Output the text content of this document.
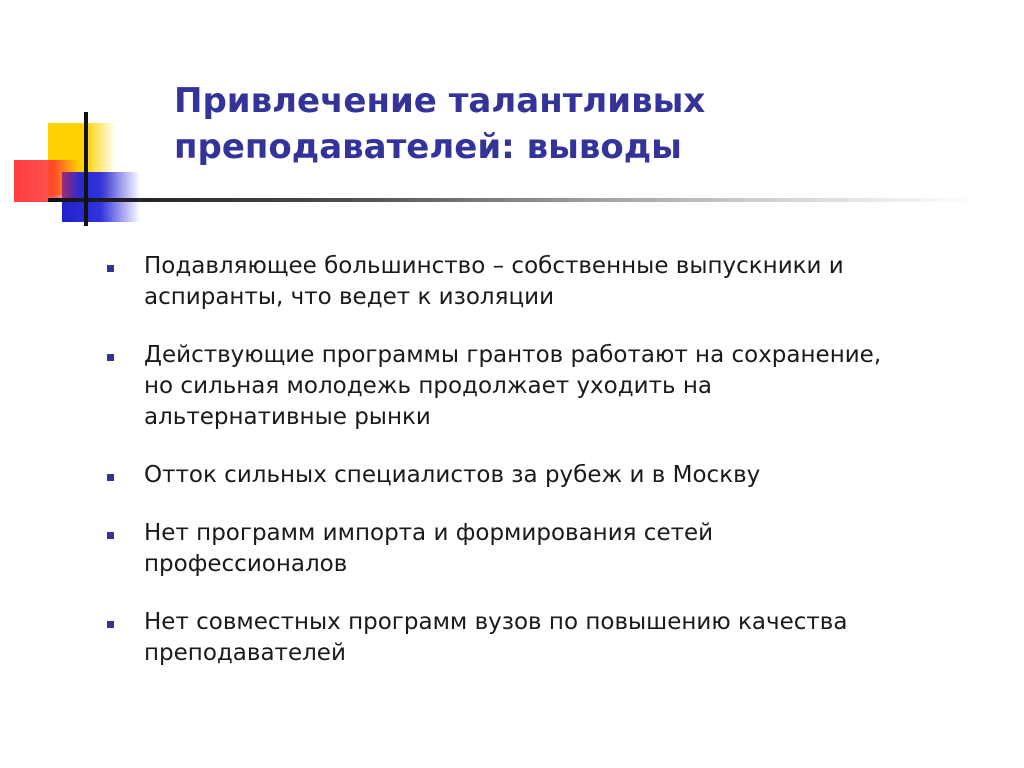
Привлечение талантливых
преподавателей: выводы
Подавляющее большинство – собственные выпускники и
аспиранты, что ведет к изоляции
Действующие программы грантов работают на сохранение,
но сильная молодежь продолжает уходить на
альтернативные рынки
Отток сильных специалистов за рубеж и в Москву
Нет программ импорта и формирования сетей
профессионалов
Нет совместных программ вузов по повышению качества
преподавателей
